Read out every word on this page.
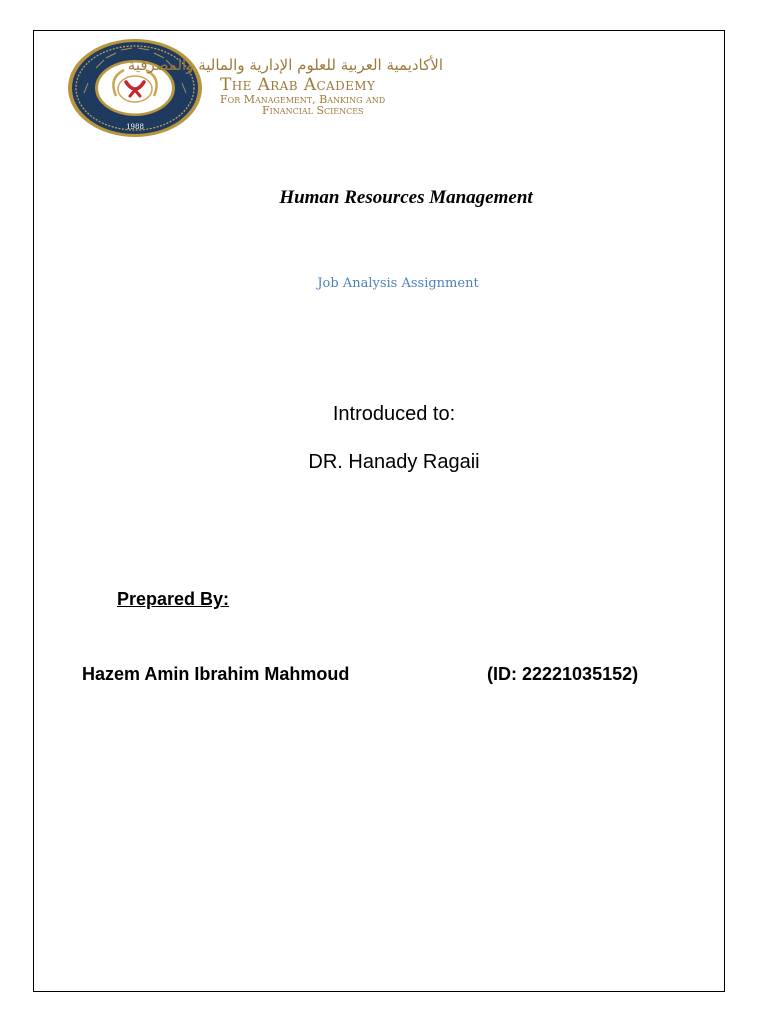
1988
الأكاديمية العربية للعلوم الإدارية والمالية والمصرفية
The Arab Academy
For Management, Banking and
Financial Sciences
Human Resources Management
Job Analysis Assignment
Introduced to:
DR. Hanady Ragaii
Prepared By:
Hazem Amin Ibrahim Mahmoud	(ID: 22221035152)
